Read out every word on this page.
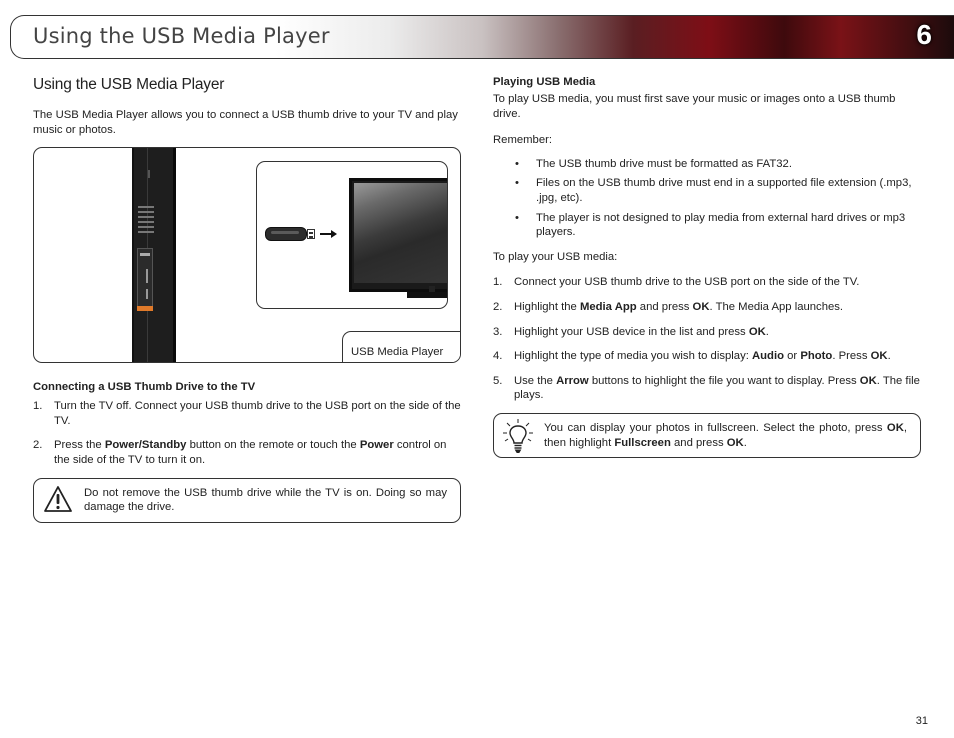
Using the USB Media Player	6
Using the USB Media Player

The USB Media Player allows you to connect a USB thumb drive to your TV and play music or photos.

USB Media Player
Connecting a USB Thumb Drive to the TV
1. Turn the TV off. Connect your USB thumb drive to the USB port on the side of the TV.
2. Press the Power/Standby button on the remote or touch the Power control on the side of the TV to turn it on.
Do not remove the USB thumb drive while the TV is on. Doing so may damage the drive.
Playing USB Media

To play USB media, you must first save your music or images onto a USB thumb drive.

Remember:

• The USB thumb drive must be formatted as FAT32.
• Files on the USB thumb drive must end in a supported file extension (.mp3, .jpg, etc).
• The player is not designed to play media from external hard drives or mp3 players.

To play your USB media:

1. Connect your USB thumb drive to the USB port on the side of the TV.
2. Highlight the Media App and press OK. The Media App launches.
3. Highlight your USB device in the list and press OK.
4. Highlight the type of media you wish to display: Audio or Photo. Press OK.
5. Use the Arrow buttons to highlight the file you want to display. Press OK. The file plays.
You can display your photos in fullscreen. Select the photo, press OK, then highlight Fullscreen and press OK.
31
